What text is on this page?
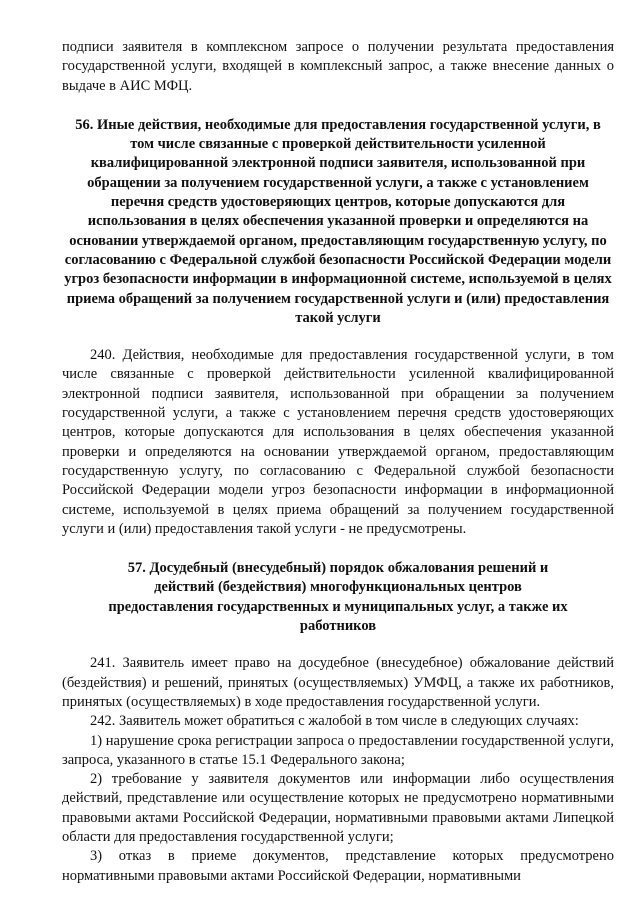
подписи заявителя в комплексном запросе о получении результата предоставления государственной услуги, входящей в комплексный запрос, а также внесение данных о выдаче в АИС МФЦ.

56. Иные действия, необходимые для предоставления государственной услуги, в том числе связанные с проверкой действительности усиленной квалифицированной электронной подписи заявителя, использованной при обращении за получением государственной услуги, а также с установлением перечня средств удостоверяющих центров, которые допускаются для использования в целях обеспечения указанной проверки и определяются на основании утверждаемой органом, предоставляющим государственную услугу, по согласованию с Федеральной службой безопасности Российской Федерации модели угроз безопасности информации в информационной системе, используемой в целях приема обращений за получением государственной услуги и (или) предоставления такой услуги

240. Действия, необходимые для предоставления государственной услуги, в том числе связанные с проверкой действительности усиленной квалифицированной электронной подписи заявителя, использованной при обращении за получением государственной услуги, а также с установлением перечня средств удостоверяющих центров, которые допускаются для использования в целях обеспечения указанной проверки и определяются на основании утверждаемой органом, предоставляющим государственную услугу, по согласованию с Федеральной службой безопасности Российской Федерации модели угроз безопасности информации в информационной системе, используемой в целях приема обращений за получением государственной услуги и (или) предоставления такой услуги - не предусмотрены.

57. Досудебный (внесудебный) порядок обжалования решений и действий (бездействия) многофункциональных центров предоставления государственных и муниципальных услуг, а также их работников

241. Заявитель имеет право на досудебное (внесудебное) обжалование действий (бездействия) и решений, принятых (осуществляемых) УМФЦ, а также их работников, принятых (осуществляемых) в ходе предоставления государственной услуги.

242. Заявитель может обратиться с жалобой в том числе в следующих случаях:

1) нарушение срока регистрации запроса о предоставлении государственной услуги, запроса, указанного в статье 15.1 Федерального закона;

2) требование у заявителя документов или информации либо осуществления действий, представление или осуществление которых не предусмотрено нормативными правовыми актами Российской Федерации, нормативными правовыми актами Липецкой области для предоставления государственной услуги;

3) отказ в приеме документов, представление которых предусмотрено нормативными правовыми актами Российской Федерации, нормативными
